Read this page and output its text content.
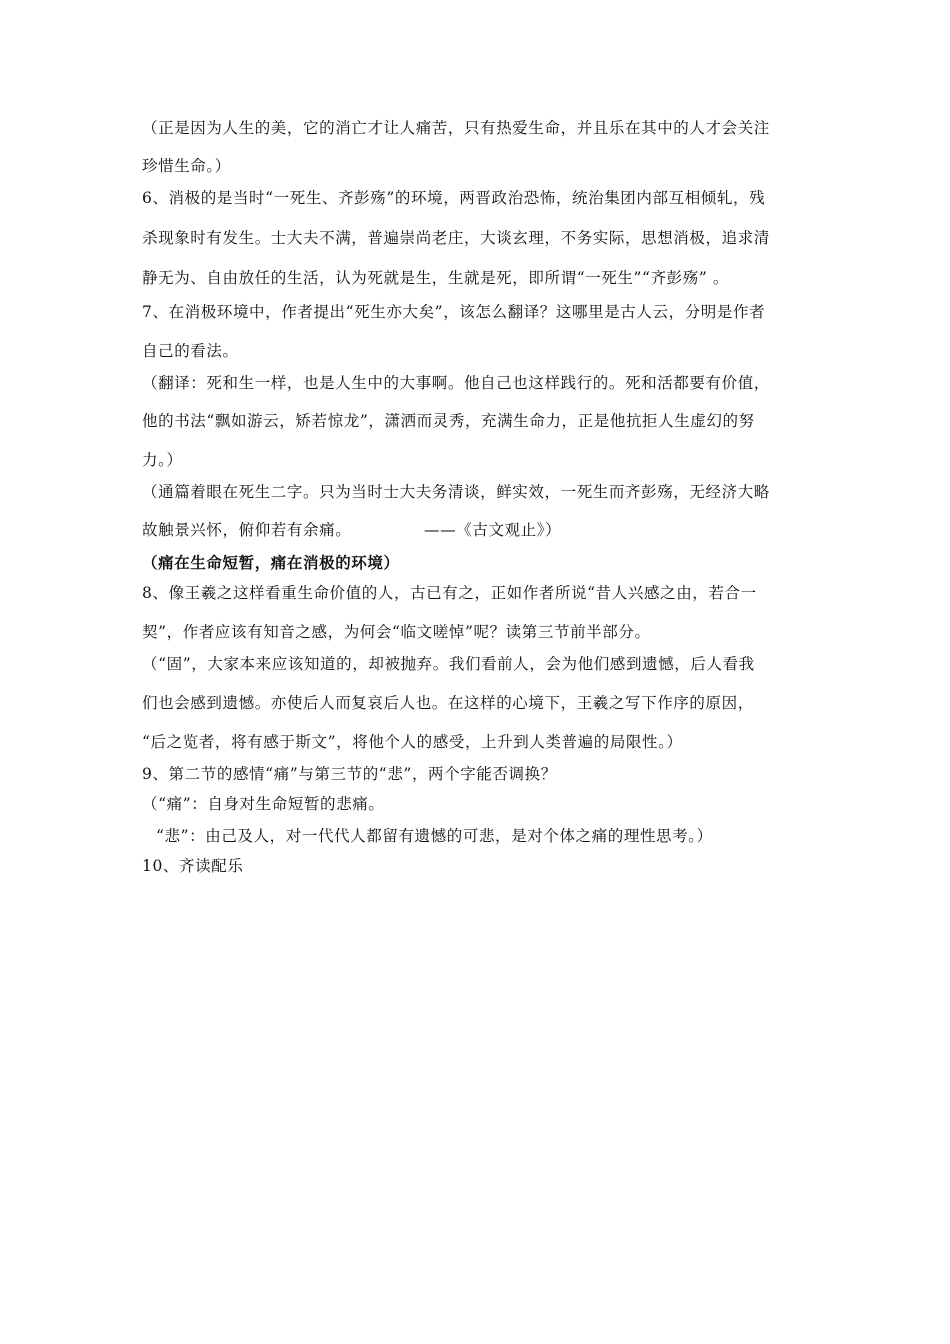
（正是因为人生的美，它的消亡才让人痛苦，只有热爱生命，并且乐在其中的人才会关注
珍惜生命。）
6、消极的是当时“一死生、齐彭殇”的环境，两晋政治恐怖，统治集团内部互相倾轧，残
杀现象时有发生。士大夫不满，普遍崇尚老庄，大谈玄理，不务实际，思想消极，追求清
静无为、自由放任的生活，认为死就是生，生就是死，即所谓“一死生”“齐彭殇” 。
7、在消极环境中，作者提出“死生亦大矣”，该怎么翻译？这哪里是古人云，分明是作者
自己的看法。
（翻译：死和生一样，也是人生中的大事啊。他自己也这样践行的。死和活都要有价值，
他的书法“飘如游云，矫若惊龙”，潇洒而灵秀，充满生命力，正是他抗拒人生虚幻的努
力。）
（通篇着眼在死生二字。只为当时士大夫务清谈，鲜实效，一死生而齐彭殇，无经济大略
故触景兴怀，俯仰若有余痛。　　　　　——《古文观止》）
（痛在生命短暂，痛在消极的环境）
8、像王羲之这样看重生命价值的人，古已有之，正如作者所说“昔人兴感之由，若合一
契”，作者应该有知音之感，为何会“临文嗟悼”呢？读第三节前半部分。
（“固”，大家本来应该知道的，却被抛弃。我们看前人，会为他们感到遗憾，后人看我
们也会感到遗憾。亦使后人而复哀后人也。在这样的心境下，王羲之写下作序的原因，
“后之览者，将有感于斯文”，将他个人的感受，上升到人类普遍的局限性。）
9、第二节的感情“痛”与第三节的“悲”，两个字能否调换？
（“痛”：自身对生命短暂的悲痛。
“悲”：由己及人，对一代代人都留有遗憾的可悲，是对个体之痛的理性思考。）
10、齐读配乐
